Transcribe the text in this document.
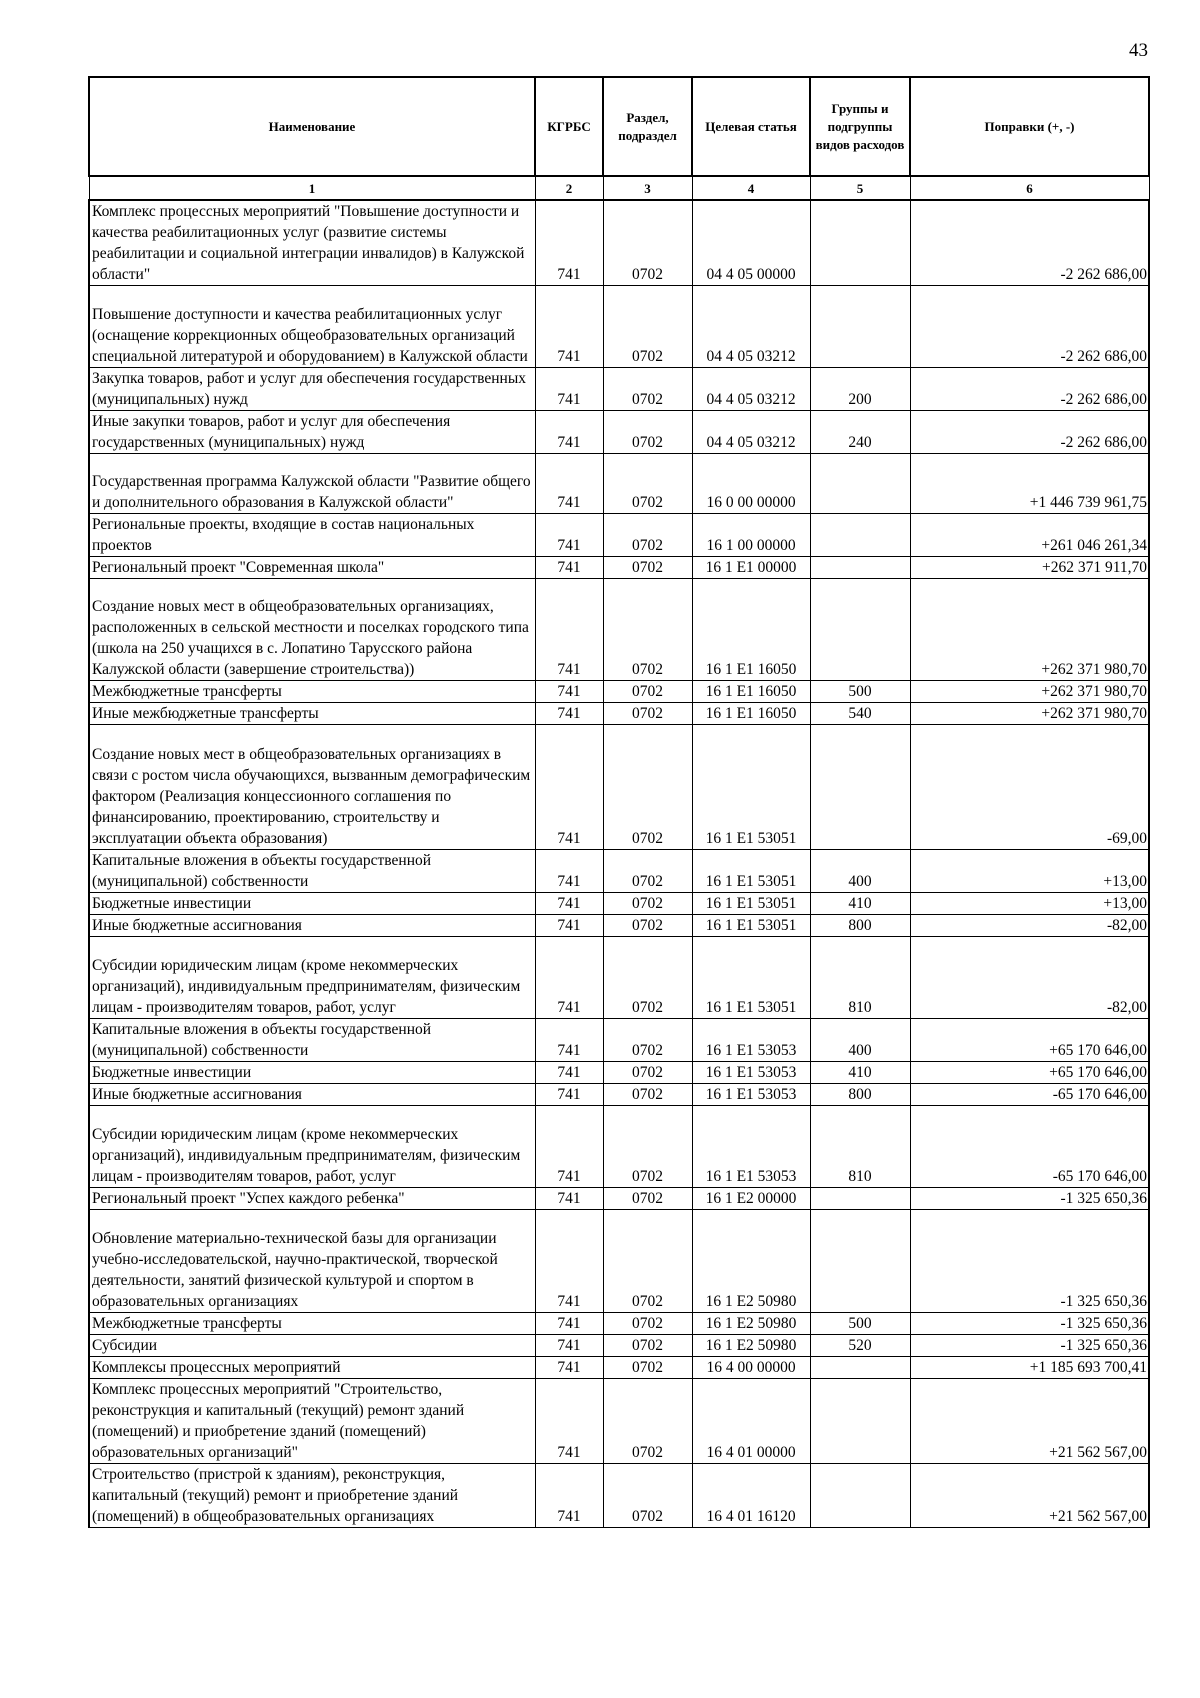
43
Наименование	КГРБС	Раздел, подраздел	Целевая статья	Группы и подгруппы видов расходов	Поправки (+, -)
1	2	3	4	5	6
Комплекс процессных мероприятий "Повышение доступности и качества реабилитационных услуг (развитие системы реабилитации и социальной интеграции инвалидов) в Калужской области"	741	0702	04 4 05 00000		-2 262 686,00
Повышение доступности и качества реабилитационных услуг (оснащение коррекционных общеобразовательных организаций специальной литературой и оборудованием) в Калужской области	741	0702	04 4 05 03212		-2 262 686,00
Закупка товаров, работ и услуг для обеспечения государственных (муниципальных) нужд	741	0702	04 4 05 03212	200	-2 262 686,00
Иные закупки товаров, работ и услуг для обеспечения государственных (муниципальных) нужд	741	0702	04 4 05 03212	240	-2 262 686,00
Государственная программа Калужской области "Развитие общего и дополнительного образования в Калужской области"	741	0702	16 0 00 00000		+1 446 739 961,75
Региональные проекты, входящие в состав национальных проектов	741	0702	16 1 00 00000		+261 046 261,34
Региональный проект "Современная школа"	741	0702	16 1 Е1 00000		+262 371 911,70
Создание новых мест в общеобразовательных организациях, расположенных в сельской местности и поселках городского типа (школа на 250 учащихся в с. Лопатино Тарусского района Калужской области (завершение строительства))	741	0702	16 1 Е1 16050		+262 371 980,70
Межбюджетные трансферты	741	0702	16 1 Е1 16050	500	+262 371 980,70
Иные межбюджетные трансферты	741	0702	16 1 Е1 16050	540	+262 371 980,70
Создание новых мест в общеобразовательных организациях в связи с ростом числа обучающихся, вызванным демографическим фактором (Реализация концессионного соглашения по финансированию, проектированию, строительству и эксплуатации объекта образования)	741	0702	16 1 Е1 53051		-69,00
Капитальные вложения в объекты государственной (муниципальной) собственности	741	0702	16 1 Е1 53051	400	+13,00
Бюджетные инвестиции	741	0702	16 1 Е1 53051	410	+13,00
Иные бюджетные ассигнования	741	0702	16 1 Е1 53051	800	-82,00
Субсидии юридическим лицам (кроме некоммерческих организаций), индивидуальным предпринимателям, физическим лицам - производителям товаров, работ, услуг	741	0702	16 1 Е1 53051	810	-82,00
Капитальные вложения в объекты государственной (муниципальной) собственности	741	0702	16 1 Е1 53053	400	+65 170 646,00
Бюджетные инвестиции	741	0702	16 1 Е1 53053	410	+65 170 646,00
Иные бюджетные ассигнования	741	0702	16 1 Е1 53053	800	-65 170 646,00
Субсидии юридическим лицам (кроме некоммерческих организаций), индивидуальным предпринимателям, физическим лицам - производителям товаров, работ, услуг	741	0702	16 1 Е1 53053	810	-65 170 646,00
Региональный проект "Успех каждого ребенка"	741	0702	16 1 Е2 00000		-1 325 650,36
Обновление материально-технической базы для организации учебно-исследовательской, научно-практической, творческой деятельности, занятий физической культурой и спортом в образовательных организациях	741	0702	16 1 Е2 50980		-1 325 650,36
Межбюджетные трансферты	741	0702	16 1 Е2 50980	500	-1 325 650,36
Субсидии	741	0702	16 1 Е2 50980	520	-1 325 650,36
Комплексы процессных мероприятий	741	0702	16 4 00 00000		+1 185 693 700,41
Комплекс процессных мероприятий "Строительство, реконструкция и капитальный (текущий) ремонт зданий (помещений) и приобретение зданий (помещений) образовательных организаций"	741	0702	16 4 01 00000		+21 562 567,00
Строительство (пристрой к зданиям), реконструкция, капитальный (текущий) ремонт и приобретение зданий (помещений) в общеобразовательных организациях	741	0702	16 4 01 16120		+21 562 567,00
